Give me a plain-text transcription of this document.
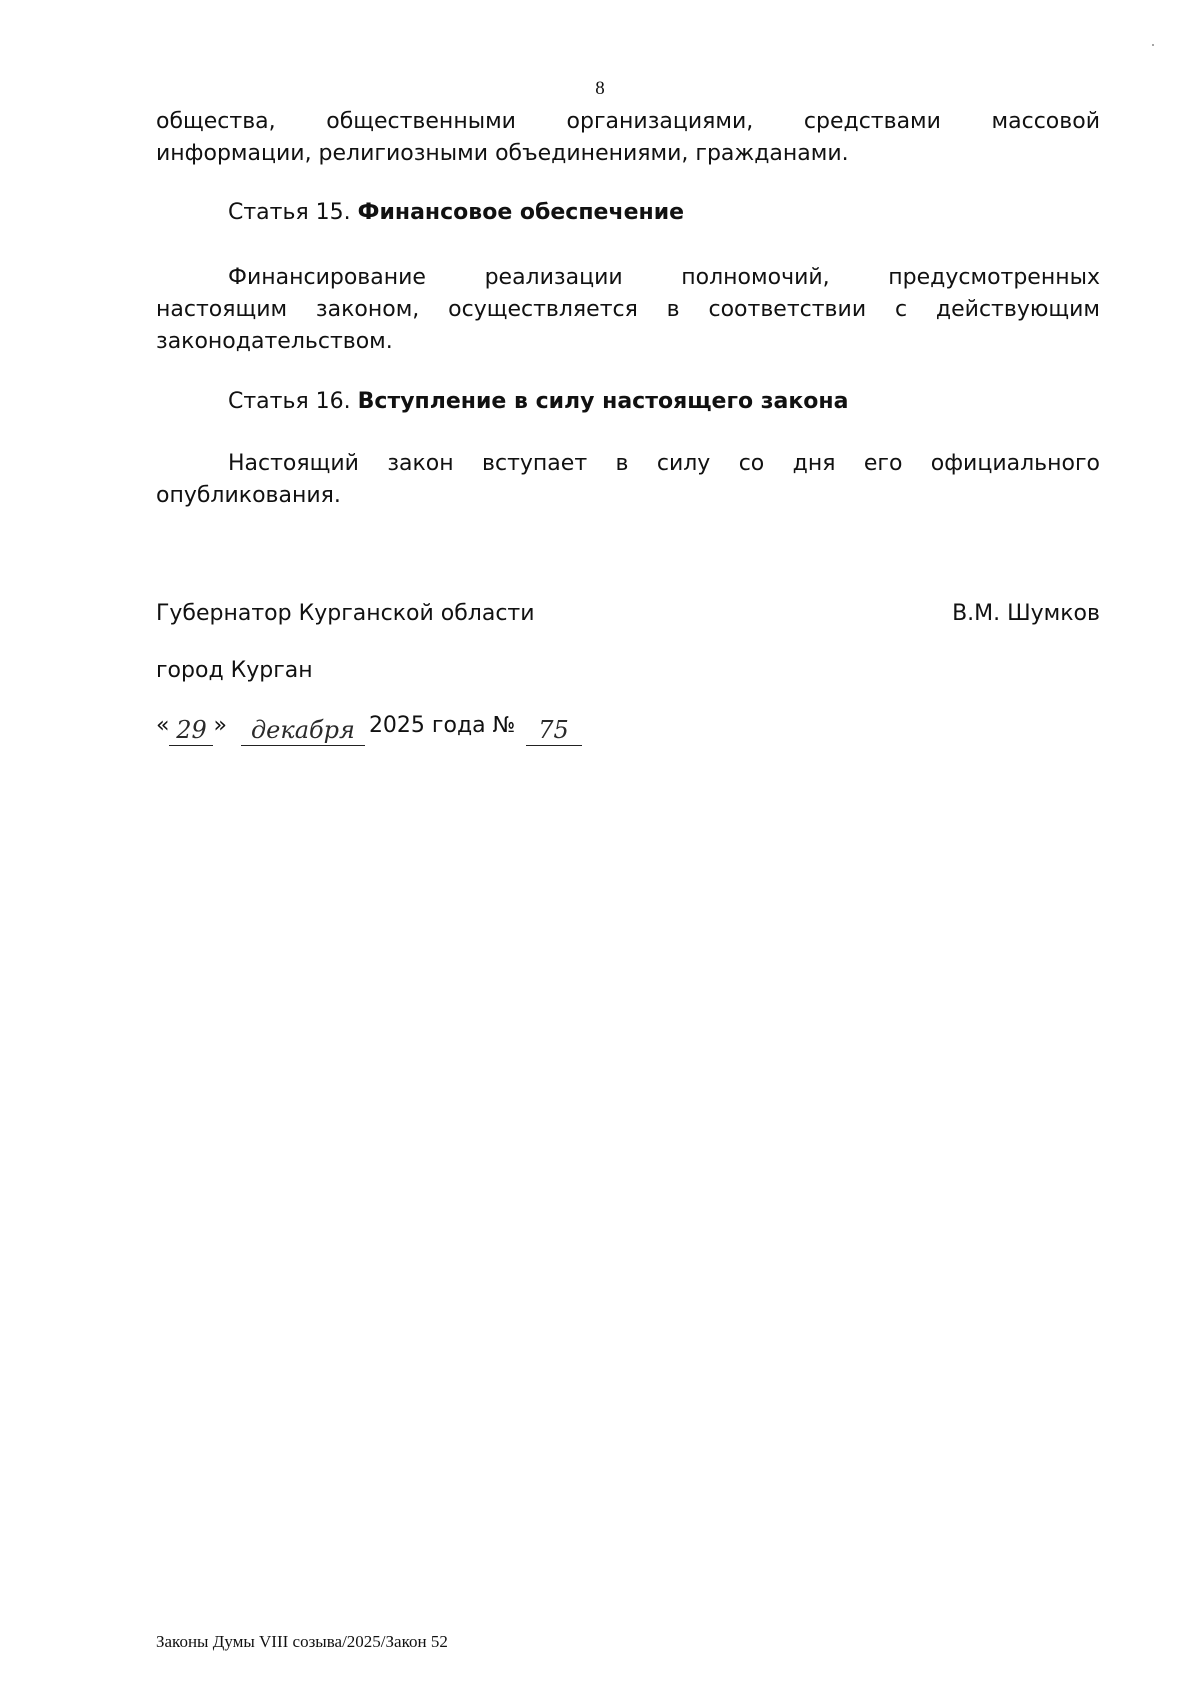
8
общества, общественными организациями, средствами массовой
информации, религиозными объединениями, гражданами.
Статья 15. Финансовое обеспечение
Финансирование реализации полномочий, предусмотренных
настоящим законом, осуществляется в соответствии с действующим
законодательством.
Статья 16. Вступление в силу настоящего закона
Настоящий закон вступает в силу со дня его официального
опубликования.
Губернатор Курганской области	В.М. Шумков
город Курган
« 29 »	декабря 2025 года № 75
Законы Думы VIII созыва/2025/Закон 52
